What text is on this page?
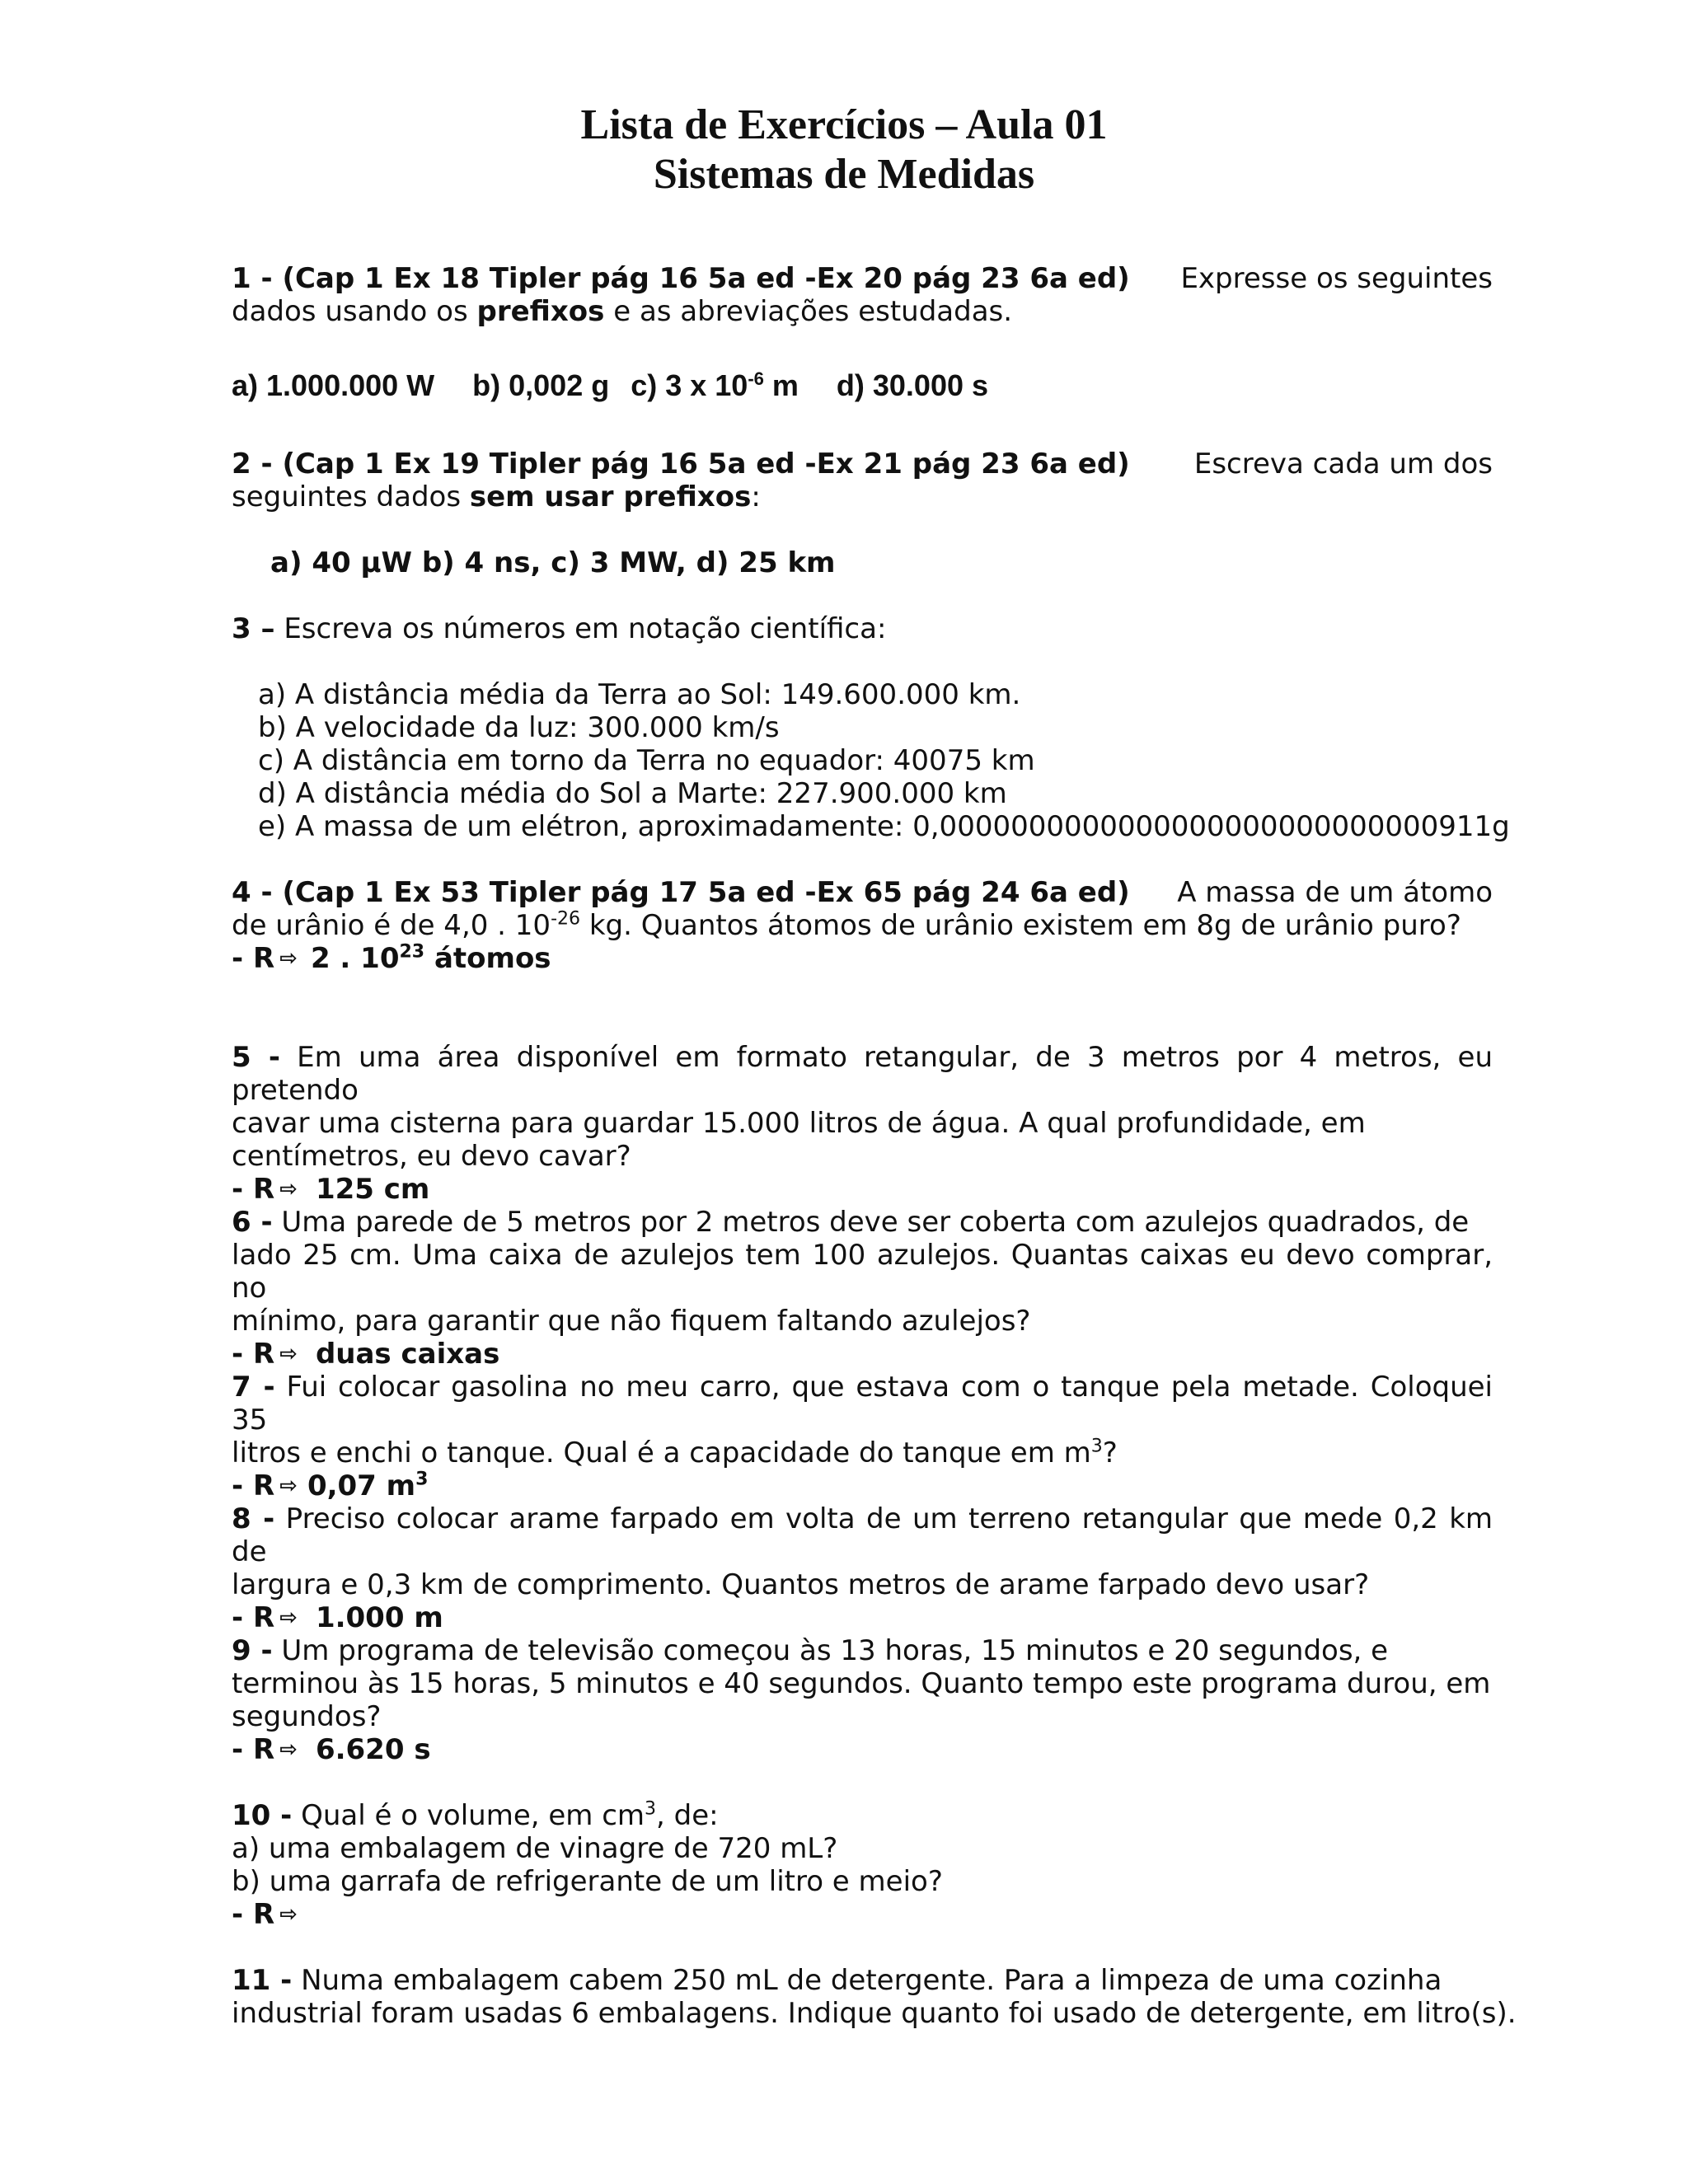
Lista de Exercícios – Aula 01
Sistemas de Medidas
1 - (Cap 1 Ex 18 Tipler pág 16 5a ed -Ex 20 pág 23 6a ed) Expresse os seguintes
dados usando os prefixos e as abreviações estudadas.
a) 1.000.000 W b) 0,002 g c) 3 x $10^{-6}$ m d) 30.000 s
2 - (Cap 1 Ex 19 Tipler pág 16 5a ed -Ex 21 pág 23 6a ed) Escreva cada um dos
seguintes dados sem usar prefixos:
a) 40 µW b) 4 ns, c) 3 MW, d) 25 km
3 – Escreva os números em notação científica:
a) A distância média da Terra ao Sol: 149.600.000 km.
b) A velocidade da luz: 300.000 km/s
c) A distância em torno da Terra no equador: 40075 km
d) A distância média do Sol a Marte: 227.900.000 km
e) A massa de um elétron, aproximadamente: 0,0000000000000000000000000000911g
4 - (Cap 1 Ex 53 Tipler pág 17 5a ed -Ex 65 pág 24 6a ed) A massa de um átomo
de urânio é de 4,0 . $10^{-26}$ kg. Quantos átomos de urânio existem em 8g de urânio puro?
- R ⇨ 2 . $10^{23}$ átomos
5 - Em uma área disponível em formato retangular, de 3 metros por 4 metros, eu pretendo
cavar uma cisterna para guardar 15.000 litros de água. A qual profundidade, em
centímetros, eu devo cavar?
- R ⇨ 125 cm
6 - Uma parede de 5 metros por 2 metros deve ser coberta com azulejos quadrados, de
lado 25 cm. Uma caixa de azulejos tem 100 azulejos. Quantas caixas eu devo comprar, no
mínimo, para garantir que não fiquem faltando azulejos?
- R ⇨ duas caixas
7 - Fui colocar gasolina no meu carro, que estava com o tanque pela metade. Coloquei 35
litros e enchi o tanque. Qual é a capacidade do tanque em $m^3$?
- R ⇨ 0,07 $m^3$
8 - Preciso colocar arame farpado em volta de um terreno retangular que mede 0,2 km de
largura e 0,3 km de comprimento. Quantos metros de arame farpado devo usar?
- R ⇨ 1.000 m
9 - Um programa de televisão começou às 13 horas, 15 minutos e 20 segundos, e
terminou às 15 horas, 5 minutos e 40 segundos. Quanto tempo este programa durou, em
segundos?
- R ⇨ 6.620 s
10 - Qual é o volume, em $cm^3$, de:
a) uma embalagem de vinagre de 720 mL?
b) uma garrafa de refrigerante de um litro e meio?
- R ⇨
11 - Numa embalagem cabem 250 mL de detergente. Para a limpeza de uma cozinha
industrial foram usadas 6 embalagens. Indique quanto foi usado de detergente, em litro(s).
